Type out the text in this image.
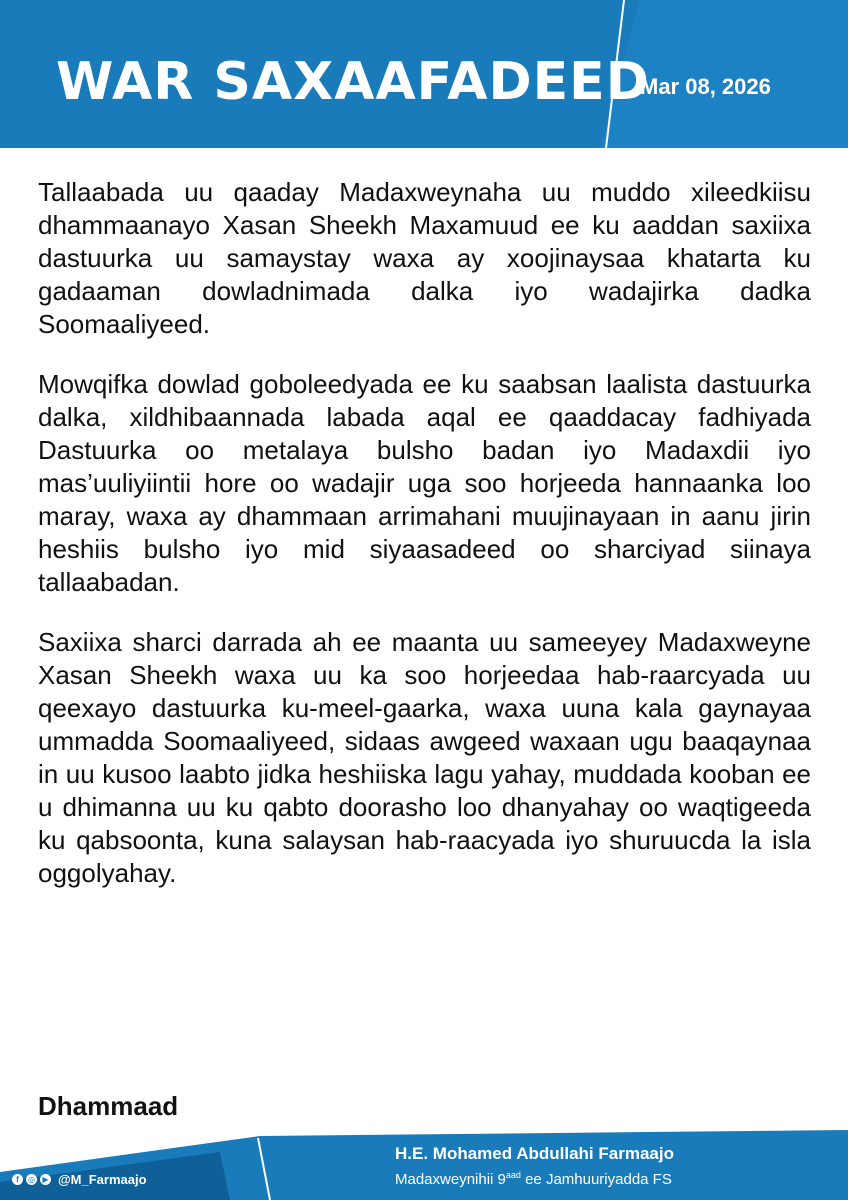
WAR SAXAAFADEED
Mar 08, 2026

Tallaabada uu qaaday Madaxweynaha uu muddo xileedkiisu dhammaanayo Xasan Sheekh Maxamuud ee ku aaddan saxiixa dastuurka uu samaystay waxa ay xoojinaysaa khatarta ku gadaaman dowladnimada dalka iyo wadajirka dadka Soomaaliyeed.

Mowqifka dowlad goboleedyada ee ku saabsan laalista dastuurka dalka, xildhibaannada labada aqal ee qaaddacay fadhiyada Dastuurka oo metalaya bulsho badan iyo Madaxdii iyo mas’uuliyiintii hore oo wadajir uga soo horjeeda hannaanka loo maray, waxa ay dhammaan arrimahani muujinayaan in aanu jirin heshiis bulsho iyo mid siyaasadeed oo sharciyad siinaya tallaabadan.

Saxiixa sharci darrada ah ee maanta uu sameeyey Madaxweyne Xasan Sheekh waxa uu ka soo horjeedaa hab-raarcyada uu qeexayo dastuurka ku-meel-gaarka, waxa uuna kala gaynayaa ummadda Soomaaliyeed, sidaas awgeed waxaan ugu baaqaynaa in uu kusoo laabto jidka heshiiska lagu yahay, muddada kooban ee u dhimanna uu ku qabto doorasho loo dhanyahay oo waqtigeeda ku qabsoonta, kuna salaysan hab-raacyada iyo shuruucda la isla oggolyahay.

Dhammaad
f	◎ ▶ @M_Farmaajo
H.E. Mohamed Abdullahi Farmaajo
Madaxweynihii $9^{aad}$ ee Jamhuuriyadda FS
